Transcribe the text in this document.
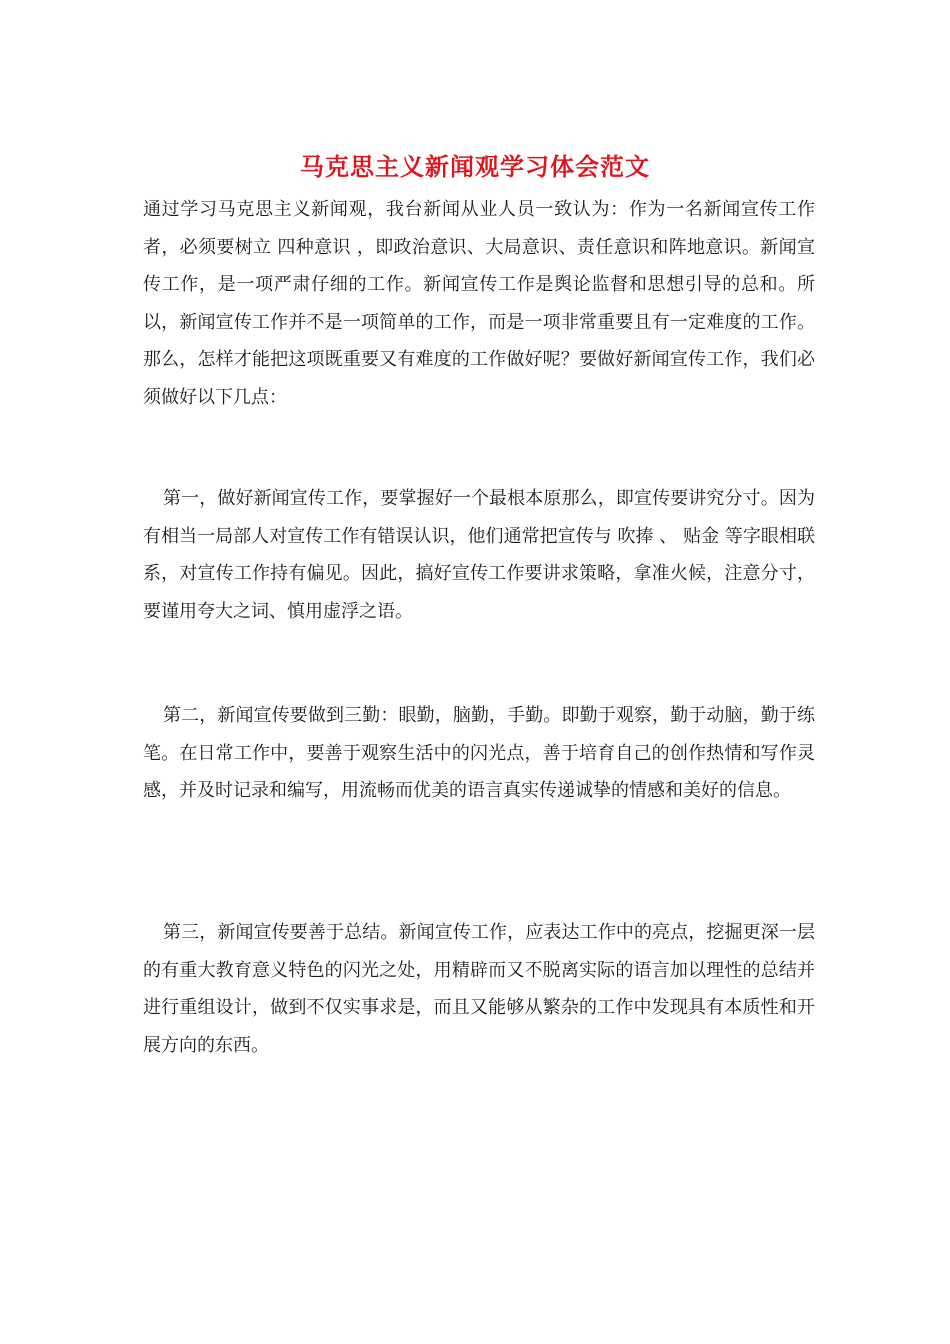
马克思主义新闻观学习体会范文
通过学习马克思主义新闻观，我台新闻从业人员一致认为：作为一名新闻宣传工作者，必须要树立 四种意识 ，即政治意识、大局意识、责任意识和阵地意识。新闻宣传工作，是一项严肃仔细的工作。新闻宣传工作是舆论监督和思想引导的总和。所以，新闻宣传工作并不是一项简单的工作，而是一项非常重要且有一定难度的工作。那么，怎样才能把这项既重要又有难度的工作做好呢？要做好新闻宣传工作，我们必须做好以下几点：
第一，做好新闻宣传工作，要掌握好一个最根本原那么，即宣传要讲究分寸。因为有相当一局部人对宣传工作有错误认识，他们通常把宣传与 吹捧 、 贴金 等字眼相联系，对宣传工作持有偏见。因此，搞好宣传工作要讲求策略，拿准火候，注意分寸，要谨用夸大之词、慎用虚浮之语。
第二，新闻宣传要做到三勤：眼勤，脑勤，手勤。即勤于观察，勤于动脑，勤于练笔。在日常工作中，要善于观察生活中的闪光点，善于培育自己的创作热情和写作灵感，并及时记录和编写，用流畅而优美的语言真实传递诚挚的情感和美好的信息。
第三，新闻宣传要善于总结。新闻宣传工作，应表达工作中的亮点，挖掘更深一层的有重大教育意义特色的闪光之处，用精辟而又不脱离实际的语言加以理性的总结并进行重组设计，做到不仅实事求是，而且又能够从繁杂的工作中发现具有本质性和开展方向的东西。
